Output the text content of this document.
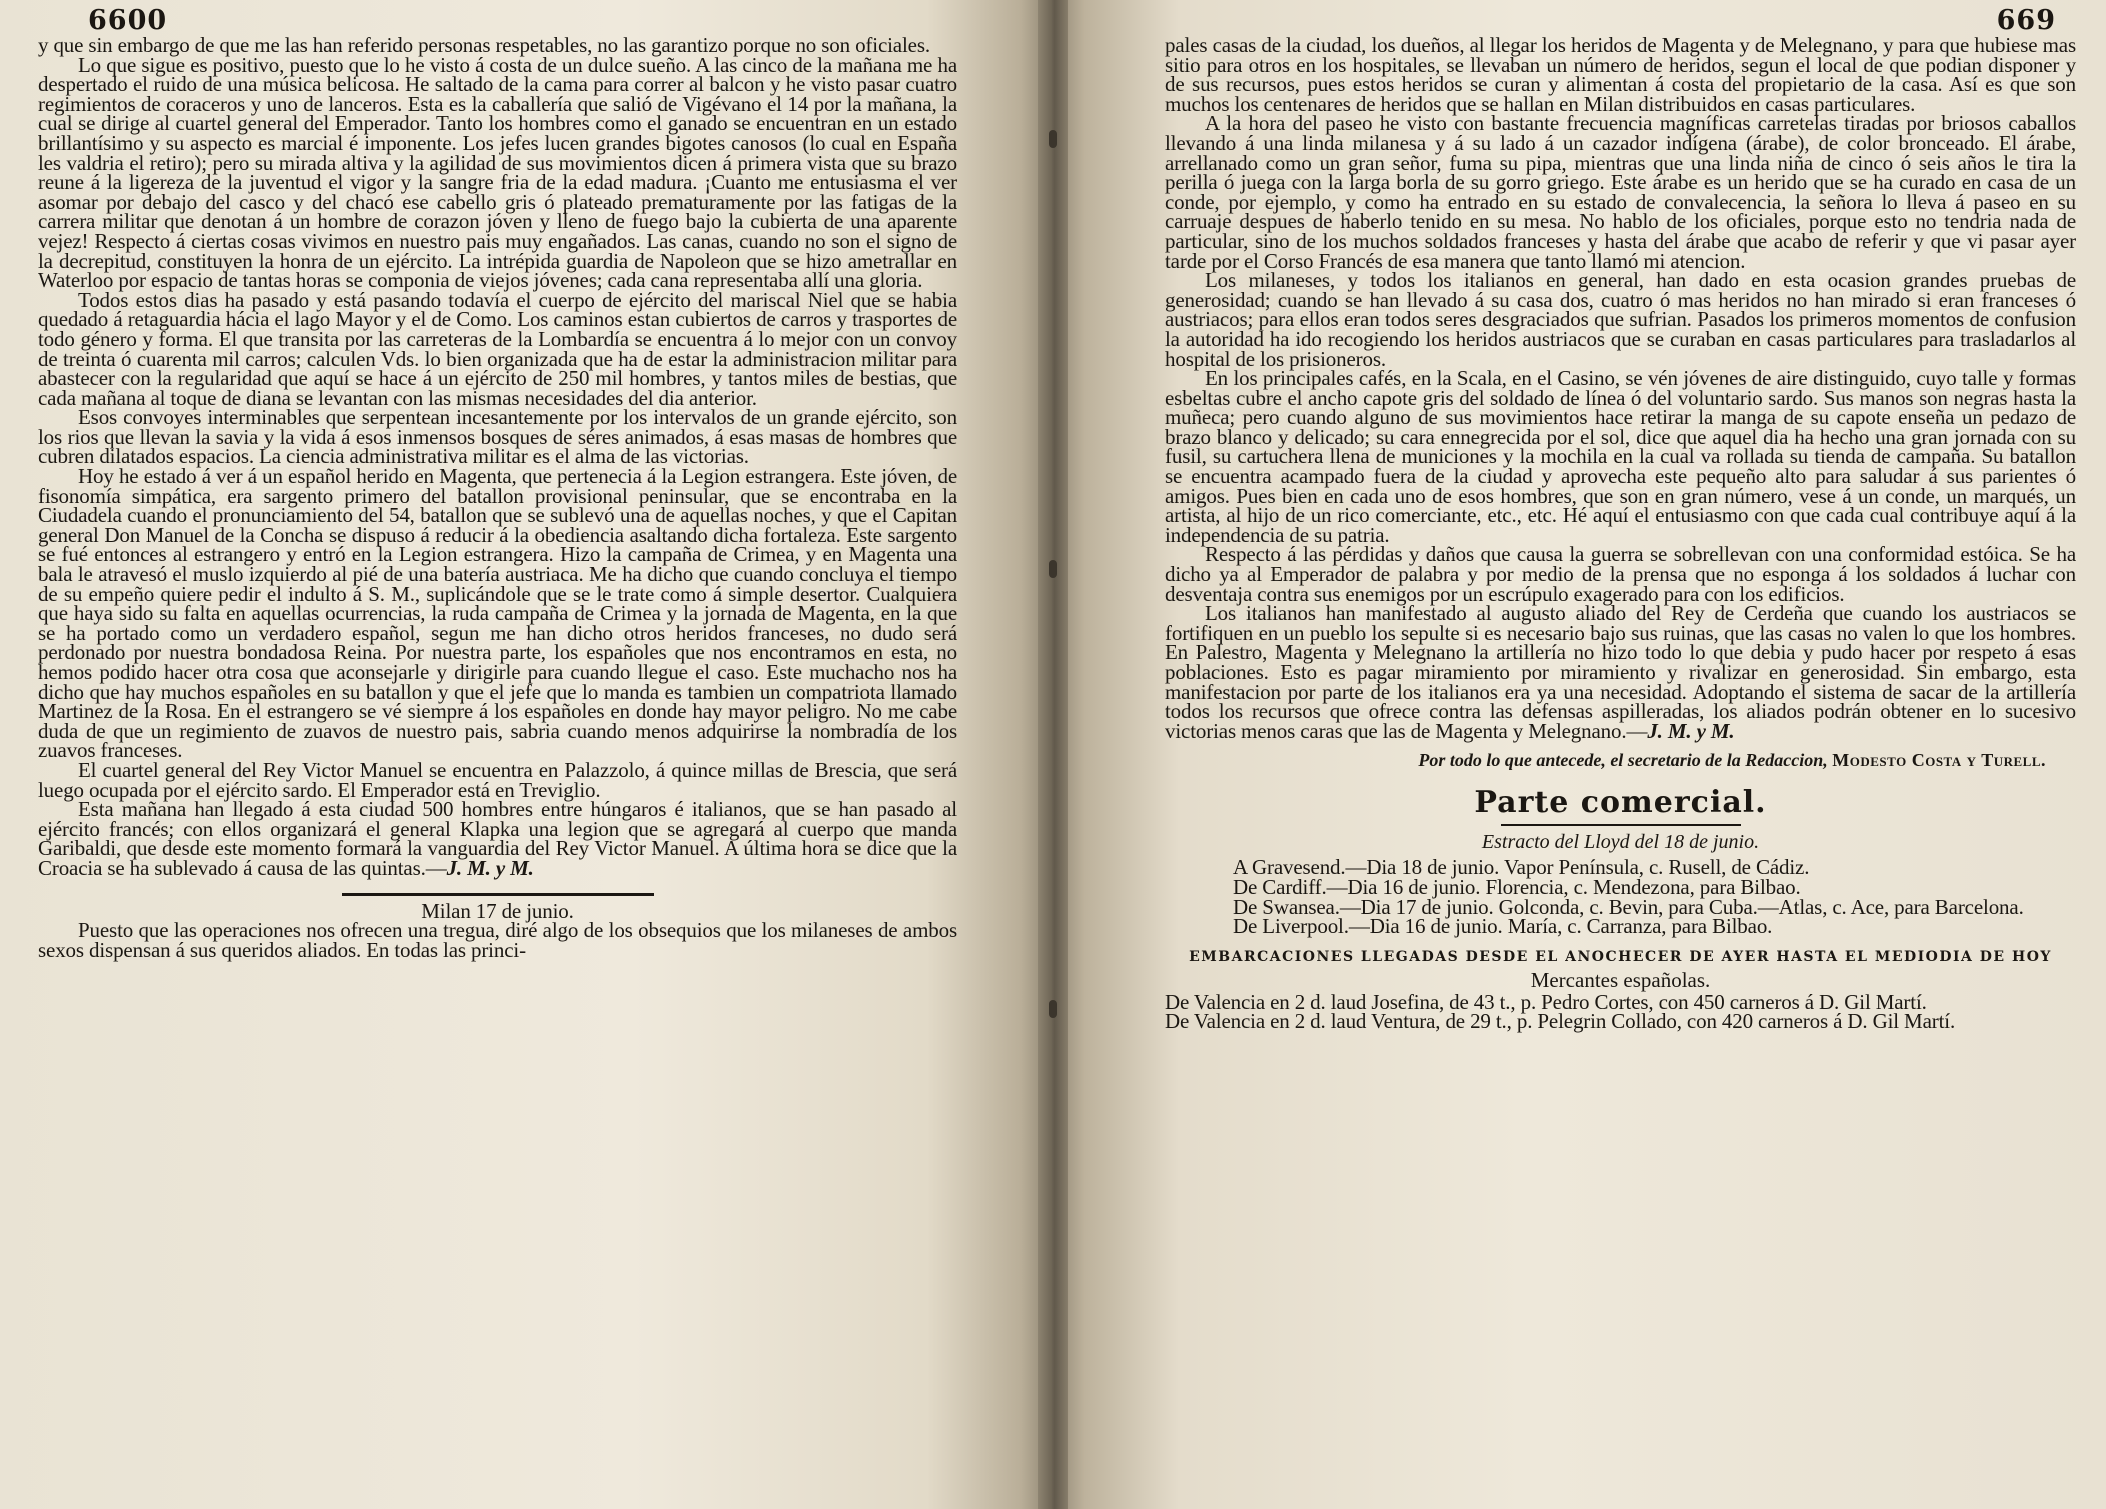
6600

y que sin embargo de que me las han referido personas respetables, no las garantizo porque no son oficiales.

Lo que sigue es positivo, puesto que lo he visto á costa de un dulce sueño. A las cinco de la mañana me ha despertado el ruido de una música belicosa. He saltado de la cama para correr al balcon y he visto pasar cuatro regimientos de coraceros y uno de lanceros. Esta es la caballería que salió de Vigévano el 14 por la mañana, la cual se dirige al cuartel general del Emperador. Tanto los hombres como el ganado se encuentran en un estado brillantísimo y su aspecto es marcial é imponente. Los jefes lucen grandes bigotes canosos (lo cual en España les valdria el retiro); pero su mirada altiva y la agilidad de sus movimientos dicen á primera vista que su brazo reune á la ligereza de la juventud el vigor y la sangre fria de la edad madura. ¡Cuanto me entusiasma el ver asomar por debajo del casco y del chacó ese cabello gris ó plateado prematuramente por las fatigas de la carrera militar que denotan á un hombre de corazon jóven y lleno de fuego bajo la cubierta de una aparente vejez! Respecto á ciertas cosas vivimos en nuestro pais muy engañados. Las canas, cuando no son el signo de la decrepitud, constituyen la honra de un ejército. La intrépida guardia de Napoleon que se hizo ametrallar en Waterloo por espacio de tantas horas se componia de viejos jóvenes; cada cana representaba allí una gloria.

Todos estos dias ha pasado y está pasando todavía el cuerpo de ejército del mariscal Niel que se habia quedado á retaguardia hácia el lago Mayor y el de Como. Los caminos estan cubiertos de carros y trasportes de todo género y forma. El que transita por las carreteras de la Lombardía se encuentra á lo mejor con un convoy de treinta ó cuarenta mil carros; calculen Vds. lo bien organizada que ha de estar la administracion militar para abastecer con la regularidad que aquí se hace á un ejército de 250 mil hombres, y tantos miles de bestias, que cada mañana al toque de diana se levantan con las mismas necesidades del dia anterior.

Esos convoyes interminables que serpentean incesantemente por los intervalos de un grande ejército, son los rios que llevan la savia y la vida á esos inmensos bosques de séres animados, á esas masas de hombres que cubren dilatados espacios. La ciencia administrativa militar es el alma de las victorias.

Hoy he estado á ver á un español herido en Magenta, que pertenecia á la Legion estrangera. Este jóven, de fisonomía simpática, era sargento primero del batallon provisional peninsular, que se encontraba en la Ciudadela cuando el pronunciamiento del 54, batallon que se sublevó una de aquellas noches, y que el Capitan general Don Manuel de la Concha se dispuso á reducir á la obediencia asaltando dicha fortaleza. Este sargento se fué entonces al estrangero y entró en la Legion estrangera. Hizo la campaña de Crimea, y en Magenta una bala le atravesó el muslo izquierdo al pié de una batería austriaca. Me ha dicho que cuando concluya el tiempo de su empeño quiere pedir el indulto á S. M., suplicándole que se le trate como á simple desertor. Cualquiera que haya sido su falta en aquellas ocurrencias, la ruda campaña de Crimea y la jornada de Magenta, en la que se ha portado como un verdadero español, segun me han dicho otros heridos franceses, no dudo será perdonado por nuestra bondadosa Reina. Por nuestra parte, los españoles que nos encontramos en esta, no hemos podido hacer otra cosa que aconsejarle y dirigirle para cuando llegue el caso. Este muchacho nos ha dicho que hay muchos españoles en su batallon y que el jefe que lo manda es tambien un compatriota llamado Martinez de la Rosa. En el estrangero se vé siempre á los españoles en donde hay mayor peligro. No me cabe duda de que un regimiento de zuavos de nuestro pais, sabria cuando menos adquirirse la nombradía de los zuavos franceses.

El cuartel general del Rey Victor Manuel se encuentra en Palazzolo, á quince millas de Brescia, que será luego ocupada por el ejército sardo. El Emperador está en Treviglio.

Esta mañana han llegado á esta ciudad 500 hombres entre húngaros é italianos, que se han pasado al ejército francés; con ellos organizará el general Klapka una legion que se agregará al cuerpo que manda Garibaldi, que desde este momento formará la vanguardia del Rey Victor Manuel. A última hora se dice que la Croacia se ha sublevado á causa de las quintas.—J. M. y M.

Milan 17 de junio.

Puesto que las operaciones nos ofrecen una tregua, diré algo de los obsequios que los milaneses de ambos sexos dispensan á sus queridos aliados. En todas las princi-

669

pales casas de la ciudad, los dueños, al llegar los heridos de Magenta y de Melegnano, y para que hubiese mas sitio para otros en los hospitales, se llevaban un número de heridos, segun el local de que podian disponer y de sus recursos, pues estos heridos se curan y alimentan á costa del propietario de la casa. Así es que son muchos los centenares de heridos que se hallan en Milan distribuidos en casas particulares.

A la hora del paseo he visto con bastante frecuencia magníficas carretelas tiradas por briosos caballos llevando á una linda milanesa y á su lado á un cazador indígena (árabe), de color bronceado. El árabe, arrellanado como un gran señor, fuma su pipa, mientras que una linda niña de cinco ó seis años le tira la perilla ó juega con la larga borla de su gorro griego. Este árabe es un herido que se ha curado en casa de un conde, por ejemplo, y como ha entrado en su estado de convalecencia, la señora lo lleva á paseo en su carruaje despues de haberlo tenido en su mesa. No hablo de los oficiales, porque esto no tendria nada de particular, sino de los muchos soldados franceses y hasta del árabe que acabo de referir y que vi pasar ayer tarde por el Corso Francés de esa manera que tanto llamó mi atencion.

Los milaneses, y todos los italianos en general, han dado en esta ocasion grandes pruebas de generosidad; cuando se han llevado á su casa dos, cuatro ó mas heridos no han mirado si eran franceses ó austriacos; para ellos eran todos seres desgraciados que sufrian. Pasados los primeros momentos de confusion la autoridad ha ido recogiendo los heridos austriacos que se curaban en casas particulares para trasladarlos al hospital de los prisioneros.

En los principales cafés, en la Scala, en el Casino, se vén jóvenes de aire distinguido, cuyo talle y formas esbeltas cubre el ancho capote gris del soldado de línea ó del voluntario sardo. Sus manos son negras hasta la muñeca; pero cuando alguno de sus movimientos hace retirar la manga de su capote enseña un pedazo de brazo blanco y delicado; su cara ennegrecida por el sol, dice que aquel dia ha hecho una gran jornada con su fusil, su cartuchera llena de municiones y la mochila en la cual va rollada su tienda de campaña. Su batallon se encuentra acampado fuera de la ciudad y aprovecha este pequeño alto para saludar á sus parientes ó amigos. Pues bien en cada uno de esos hombres, que son en gran número, vese á un conde, un marqués, un artista, al hijo de un rico comerciante, etc., etc. Hé aquí el entusiasmo con que cada cual contribuye aquí á la independencia de su patria.

Respecto á las pérdidas y daños que causa la guerra se sobrellevan con una conformidad estóica. Se ha dicho ya al Emperador de palabra y por medio de la prensa que no esponga á los soldados á luchar con desventaja contra sus enemigos por un escrúpulo exagerado para con los edificios.

Los italianos han manifestado al augusto aliado del Rey de Cerdeña que cuando los austriacos se fortifiquen en un pueblo los sepulte si es necesario bajo sus ruinas, que las casas no valen lo que los hombres. En Palestro, Magenta y Melegnano la artillería no hizo todo lo que debia y pudo hacer por respeto á esas poblaciones. Esto es pagar miramiento por miramiento y rivalizar en generosidad. Sin embargo, esta manifestacion por parte de los italianos era ya una necesidad. Adoptando el sistema de sacar de la artillería todos los recursos que ofrece contra las defensas aspilleradas, los aliados podrán obtener en lo sucesivo victorias menos caras que las de Magenta y Melegnano.—J. M. y M.

Por todo lo que antecede, el secretario de la Redaccion, Modesto Costa y Turell.
Parte comercial.
Estracto del Lloyd del 18 de junio.

A Gravesend.—Dia 18 de junio. Vapor Península, c. Rusell, de Cádiz.

De Cardiff.—Dia 16 de junio. Florencia, c. Mendezona, para Bilbao.

De Swansea.—Dia 17 de junio. Golconda, c. Bevin, para Cuba.—Atlas, c. Ace, para Barcelona.

De Liverpool.—Dia 16 de junio. María, c. Carranza, para Bilbao.

EMBARCACIONES LLEGADAS DESDE EL ANOCHECER DE AYER HASTA EL MEDIODIA DE HOY
Mercantes españolas.

De Valencia en 2 d. laud Josefina, de 43 t., p. Pedro Cortes, con 450 carneros á D. Gil Martí.

De Valencia en 2 d. laud Ventura, de 29 t., p. Pelegrin Collado, con 420 carneros á D. Gil Martí.
